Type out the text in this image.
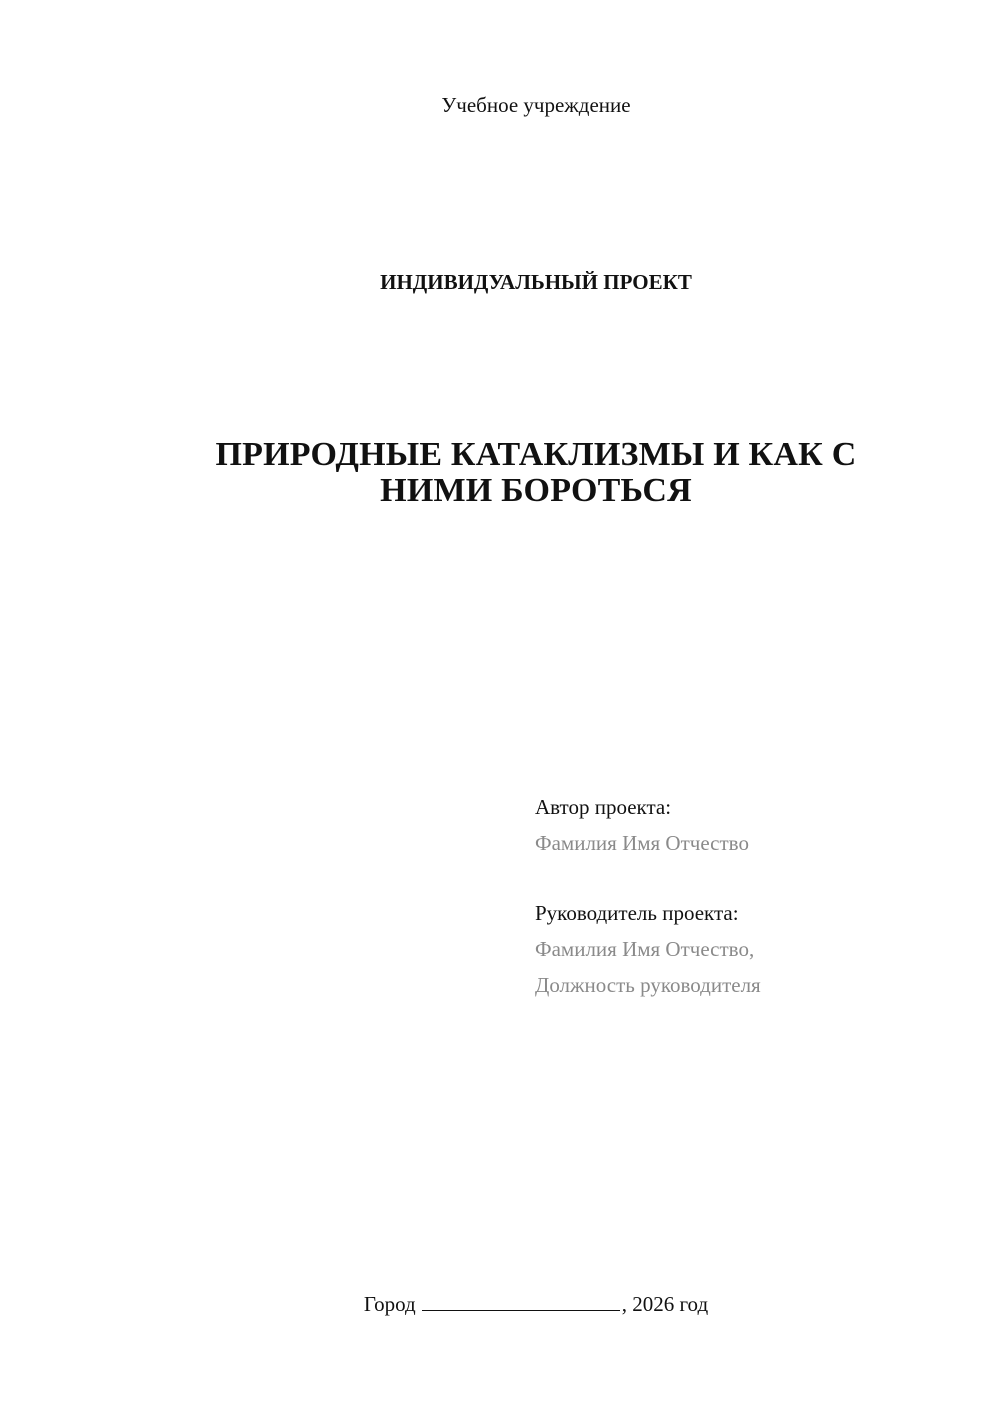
Учебное учреждение
ИНДИВИДУАЛЬНЫЙ ПРОЕКТ
ПРИРОДНЫЕ КАТАКЛИЗМЫ И КАК С
НИМИ БОРОТЬСЯ
Автор проекта:
Фамилия Имя Отчество
Руководитель проекта:
Фамилия Имя Отчество,
Должность руководителя
Город	, 2026 год
